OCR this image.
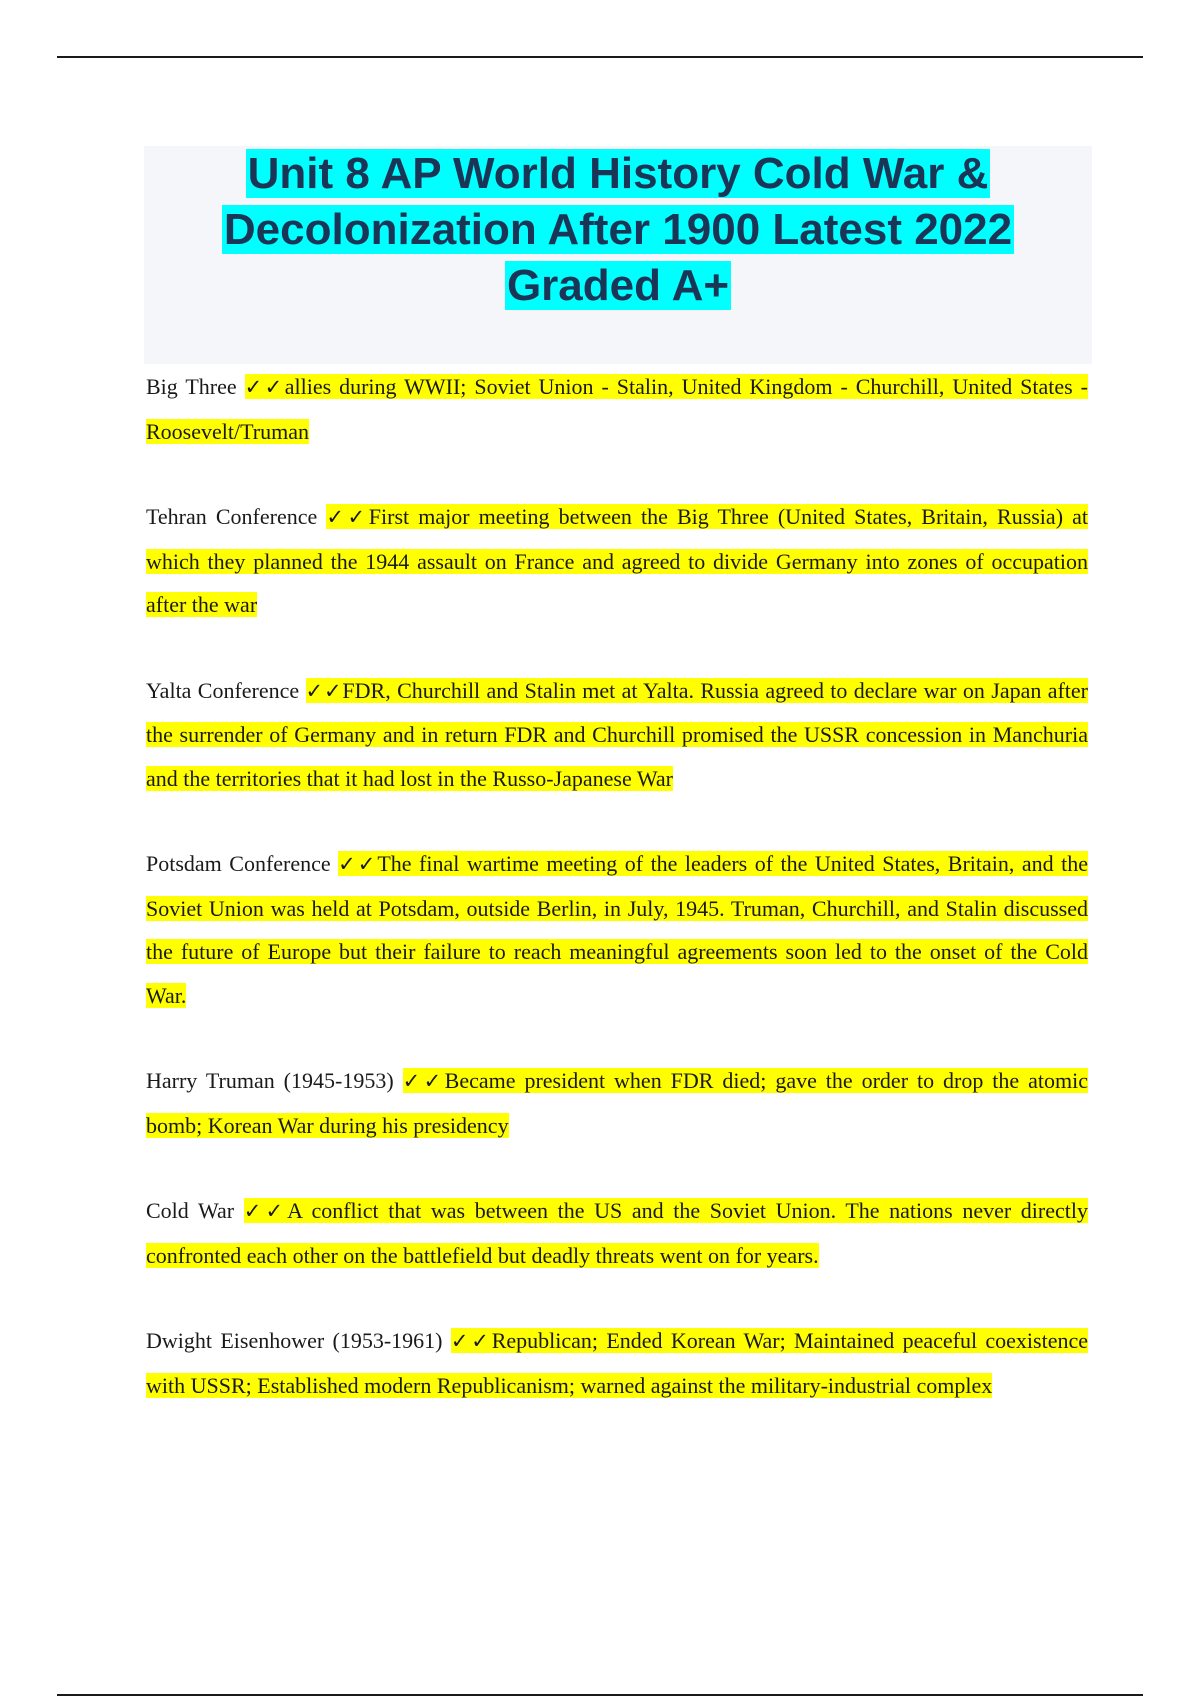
Unit 8 AP World History Cold War &
Decolonization After 1900 Latest 2022
Graded A+

Big Three ✓✓allies during WWII; Soviet Union - Stalin, United Kingdom - Churchill, United States - Roosevelt/Truman

Tehran Conference ✓✓First major meeting between the Big Three (United States, Britain, Russia) at which they planned the 1944 assault on France and agreed to divide Germany into zones of occupation after the war

Yalta Conference ✓✓FDR, Churchill and Stalin met at Yalta. Russia agreed to declare war on Japan after the surrender of Germany and in return FDR and Churchill promised the USSR concession in Manchuria and the territories that it had lost in the Russo-Japanese War

Potsdam Conference ✓✓The final wartime meeting of the leaders of the United States, Britain, and the Soviet Union was held at Potsdam, outside Berlin, in July, 1945. Truman, Churchill, and Stalin discussed the future of Europe but their failure to reach meaningful agreements soon led to the onset of the Cold War.

Harry Truman (1945-1953) ✓✓Became president when FDR died; gave the order to drop the atomic bomb; Korean War during his presidency

Cold War ✓✓A conflict that was between the US and the Soviet Union. The nations never directly confronted each other on the battlefield but deadly threats went on for years.

Dwight Eisenhower (1953-1961) ✓✓Republican; Ended Korean War; Maintained peaceful coexistence with USSR; Established modern Republicanism; warned against the military-industrial complex
